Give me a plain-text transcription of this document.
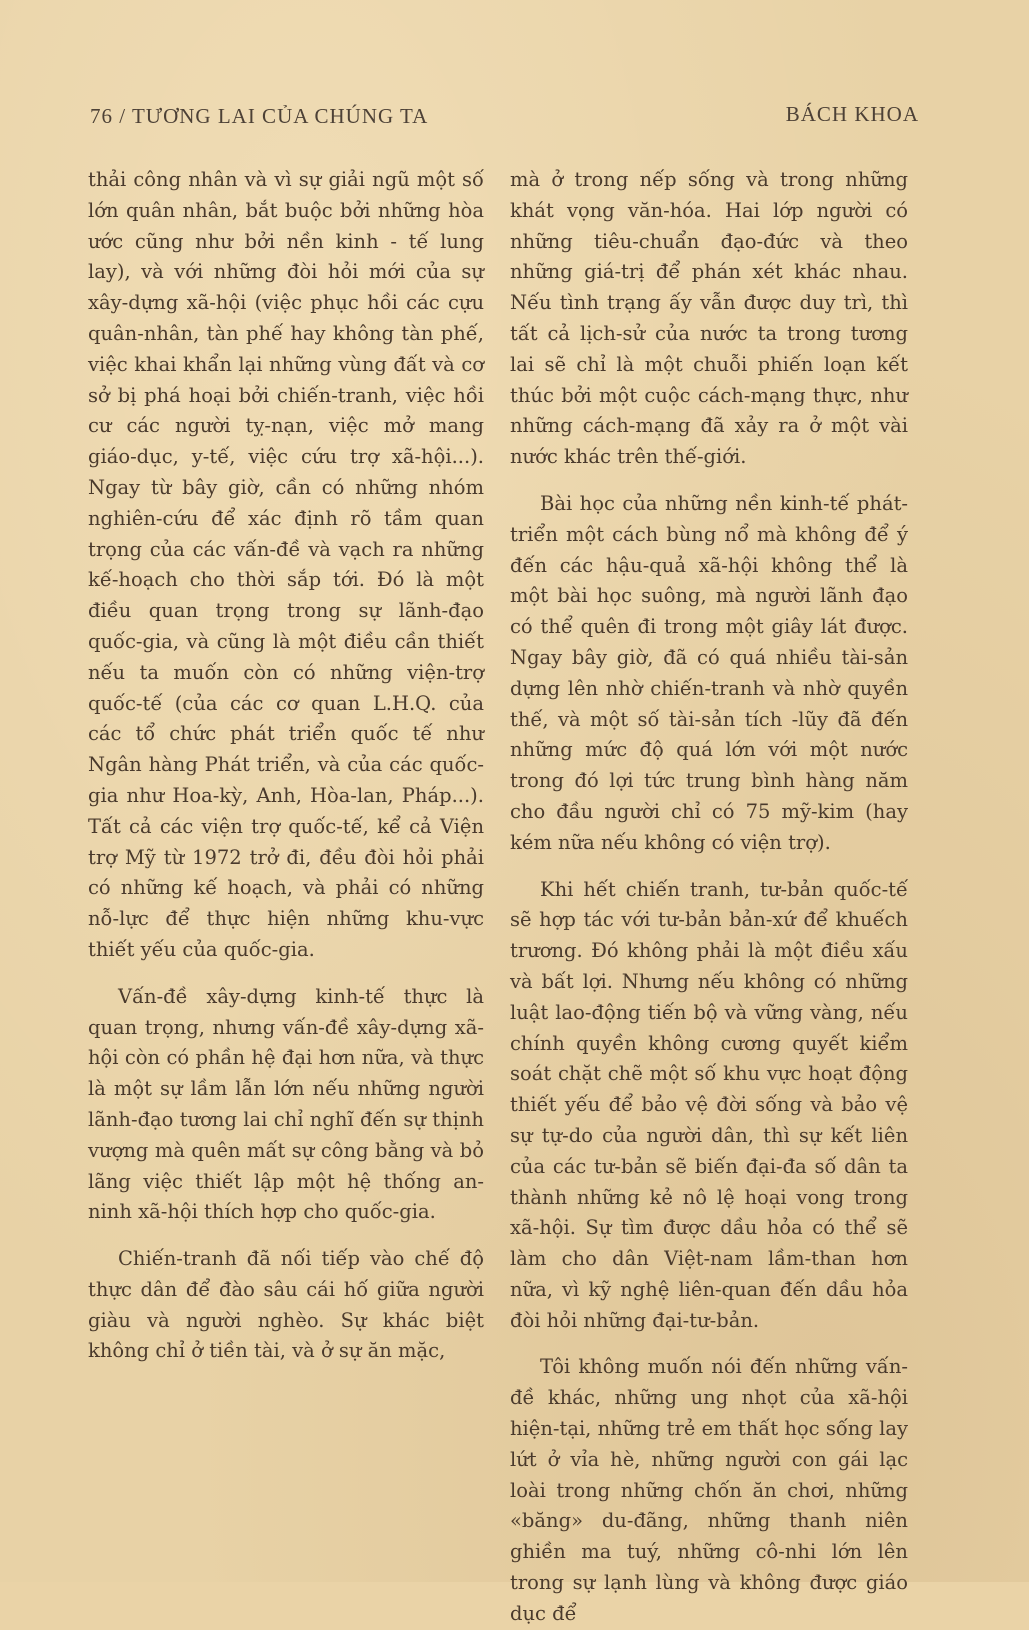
76 / TƯƠNG LAI CỦA CHÚNG TA	BÁCH KHOA

thải công nhân và vì sự giải ngũ một số lớn quân nhân, bắt buộc bởi những hòa ước cũng như bởi nền kinh - tế lung lay), và với những đòi hỏi mới của sự xây-dựng xã-hội (việc phục hồi các cựu quân-nhân, tàn phế hay không tàn phế, việc khai khẩn lại những vùng đất và cơ sở bị phá hoại bởi chiến-tranh, việc hồi cư các người tỵ-nạn, việc mở mang giáo-dục, y-tế, việc cứu trợ xã-hội...). Ngay từ bây giờ, cần có những nhóm nghiên-cứu để xác định rõ tầm quan trọng của các vấn-đề và vạch ra những kế-hoạch cho thời sắp tới. Đó là một điều quan trọng trong sự lãnh-đạo quốc-gia, và cũng là một điều cần thiết nếu ta muốn còn có những viện-trợ quốc-tế (của các cơ quan L.H.Q. của các tổ chức phát triển quốc tế như Ngân hàng Phát triển, và của các quốc-gia như Hoa-kỳ, Anh, Hòa-lan, Pháp...). Tất cả các viện trợ quốc-tế, kể cả Viện trợ Mỹ từ 1972 trở đi, đều đòi hỏi phải có những kế hoạch, và phải có những nỗ-lực để thực hiện những khu-vực thiết yếu của quốc-gia.

Vấn-đề xây-dựng kinh-tế thực là quan trọng, nhưng vấn-đề xây-dựng xã-hội còn có phần hệ đại hơn nữa, và thực là một sự lầm lẫn lớn nếu những người lãnh-đạo tương lai chỉ nghĩ đến sự thịnh vượng mà quên mất sự công bằng và bỏ lãng việc thiết lập một hệ thống an-ninh xã-hội thích hợp cho quốc-gia.

Chiến-tranh đã nối tiếp vào chế độ thực dân để đào sâu cái hố giữa người giàu và người nghèo. Sự khác biệt không chỉ ở tiền tài, và ở sự ăn mặc,

mà ở trong nếp sống và trong những khát vọng văn-hóa. Hai lớp người có những tiêu-chuẩn đạo-đức và theo những giá-trị để phán xét khác nhau. Nếu tình trạng ấy vẫn được duy trì, thì tất cả lịch-sử của nước ta trong tương lai sẽ chỉ là một chuỗi phiến loạn kết thúc bởi một cuộc cách-mạng thực, như những cách-mạng đã xảy ra ở một vài nước khác trên thế-giới.

Bài học của những nền kinh-tế phát-triển một cách bùng nổ mà không để ý đến các hậu-quả xã-hội không thể là một bài học suông, mà người lãnh đạo có thể quên đi trong một giây lát được. Ngay bây giờ, đã có quá nhiều tài-sản dựng lên nhờ chiến-tranh và nhờ quyền thế, và một số tài-sản tích -lũy đã đến những mức độ quá lớn với một nước trong đó lợi tức trung bình hàng năm cho đầu người chỉ có 75 mỹ-kim (hay kém nữa nếu không có viện trợ).

Khi hết chiến tranh, tư-bản quốc-tế sẽ hợp tác với tư-bản bản-xứ để khuếch trương. Đó không phải là một điều xấu và bất lợi. Nhưng nếu không có những luật lao-động tiến bộ và vững vàng, nếu chính quyền không cương quyết kiểm soát chặt chẽ một số khu vực hoạt động thiết yếu để bảo vệ đời sống và bảo vệ sự tự-do của người dân, thì sự kết liên của các tư-bản sẽ biến đại-đa số dân ta thành những kẻ nô lệ hoại vong trong xã-hội. Sự tìm được dầu hỏa có thể sẽ làm cho dân Việt-nam lầm-than hơn nữa, vì kỹ nghệ liên-quan đến dầu hỏa đòi hỏi những đại-tư-bản.

Tôi không muốn nói đến những vấn-đề khác, những ung nhọt của xã-hội hiện-tại, những trẻ em thất học sống lay lứt ở vỉa hè, những người con gái lạc loài trong những chốn ăn chơi, những «băng» du-đãng, những thanh niên ghiền ma tuý, những cô-nhi lớn lên trong sự lạnh lùng và không được giáo dục để
